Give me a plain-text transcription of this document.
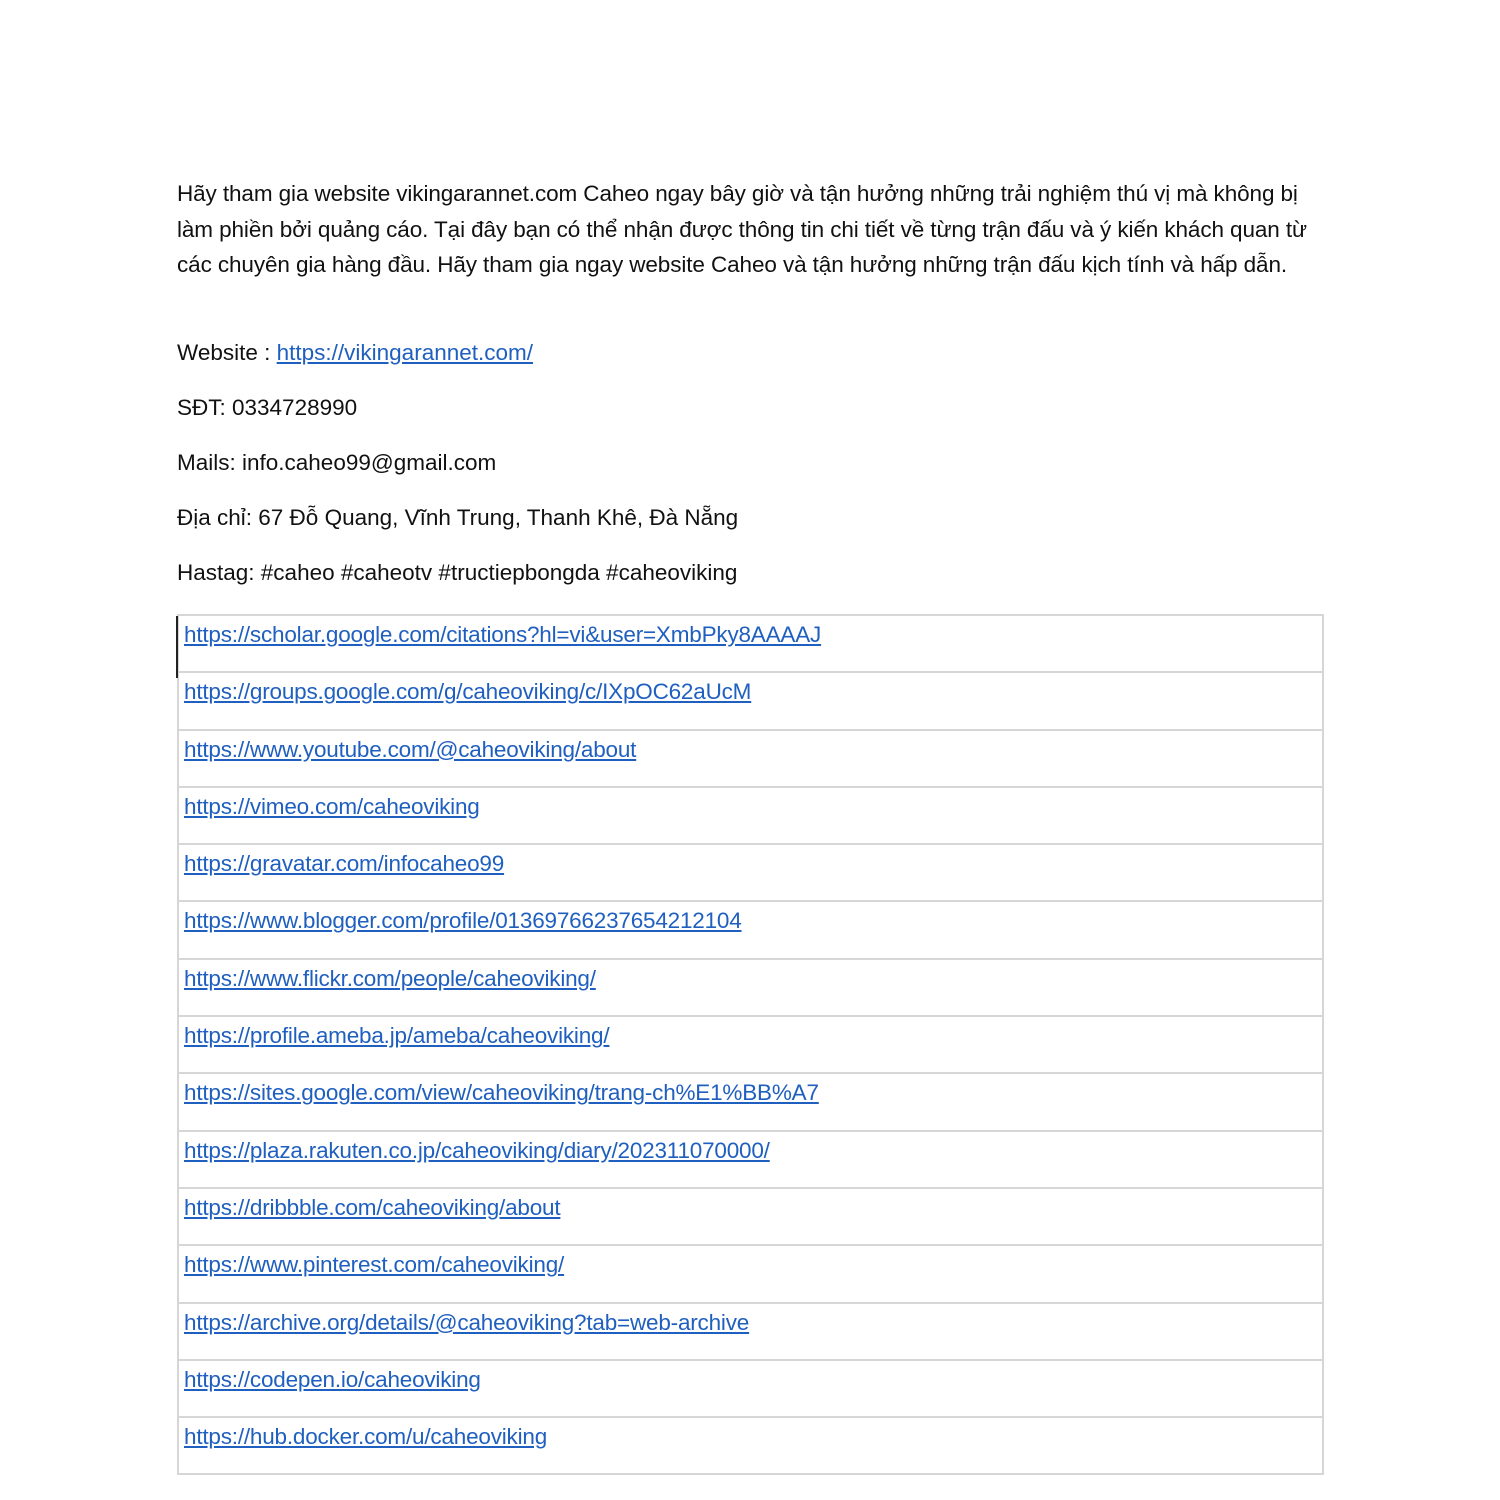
Hãy tham gia website vikingarannet.com Caheo ngay bây giờ và tận hưởng những trải nghiệm thú vị mà không bị làm phiền bởi quảng cáo. Tại đây bạn có thể nhận được thông tin chi tiết về từng trận đấu và ý kiến khách quan từ các chuyên gia hàng đầu. Hãy tham gia ngay website Caheo và tận hưởng những trận đấu kịch tính và hấp dẫn.

Website : https://vikingarannet.com/

SĐT: 0334728990

Mails: info.caheo99@gmail.com

Địa chỉ: 67 Đỗ Quang, Vĩnh Trung, Thanh Khê, Đà Nẵng

Hastag: #caheo #caheotv #tructiepbongda #caheoviking

https://scholar.google.com/citations?hl=vi&user=XmbPky8AAAAJ
https://groups.google.com/g/caheoviking/c/IXpOC62aUcM
https://www.youtube.com/@caheoviking/about
https://vimeo.com/caheoviking
https://gravatar.com/infocaheo99
https://www.blogger.com/profile/01369766237654212104
https://www.flickr.com/people/caheoviking/
https://profile.ameba.jp/ameba/caheoviking/
https://sites.google.com/view/caheoviking/trang-ch%E1%BB%A7
https://plaza.rakuten.co.jp/caheoviking/diary/202311070000/
https://dribbble.com/caheoviking/about
https://www.pinterest.com/caheoviking/
https://archive.org/details/@caheoviking?tab=web-archive
https://codepen.io/caheoviking
https://hub.docker.com/u/caheoviking
